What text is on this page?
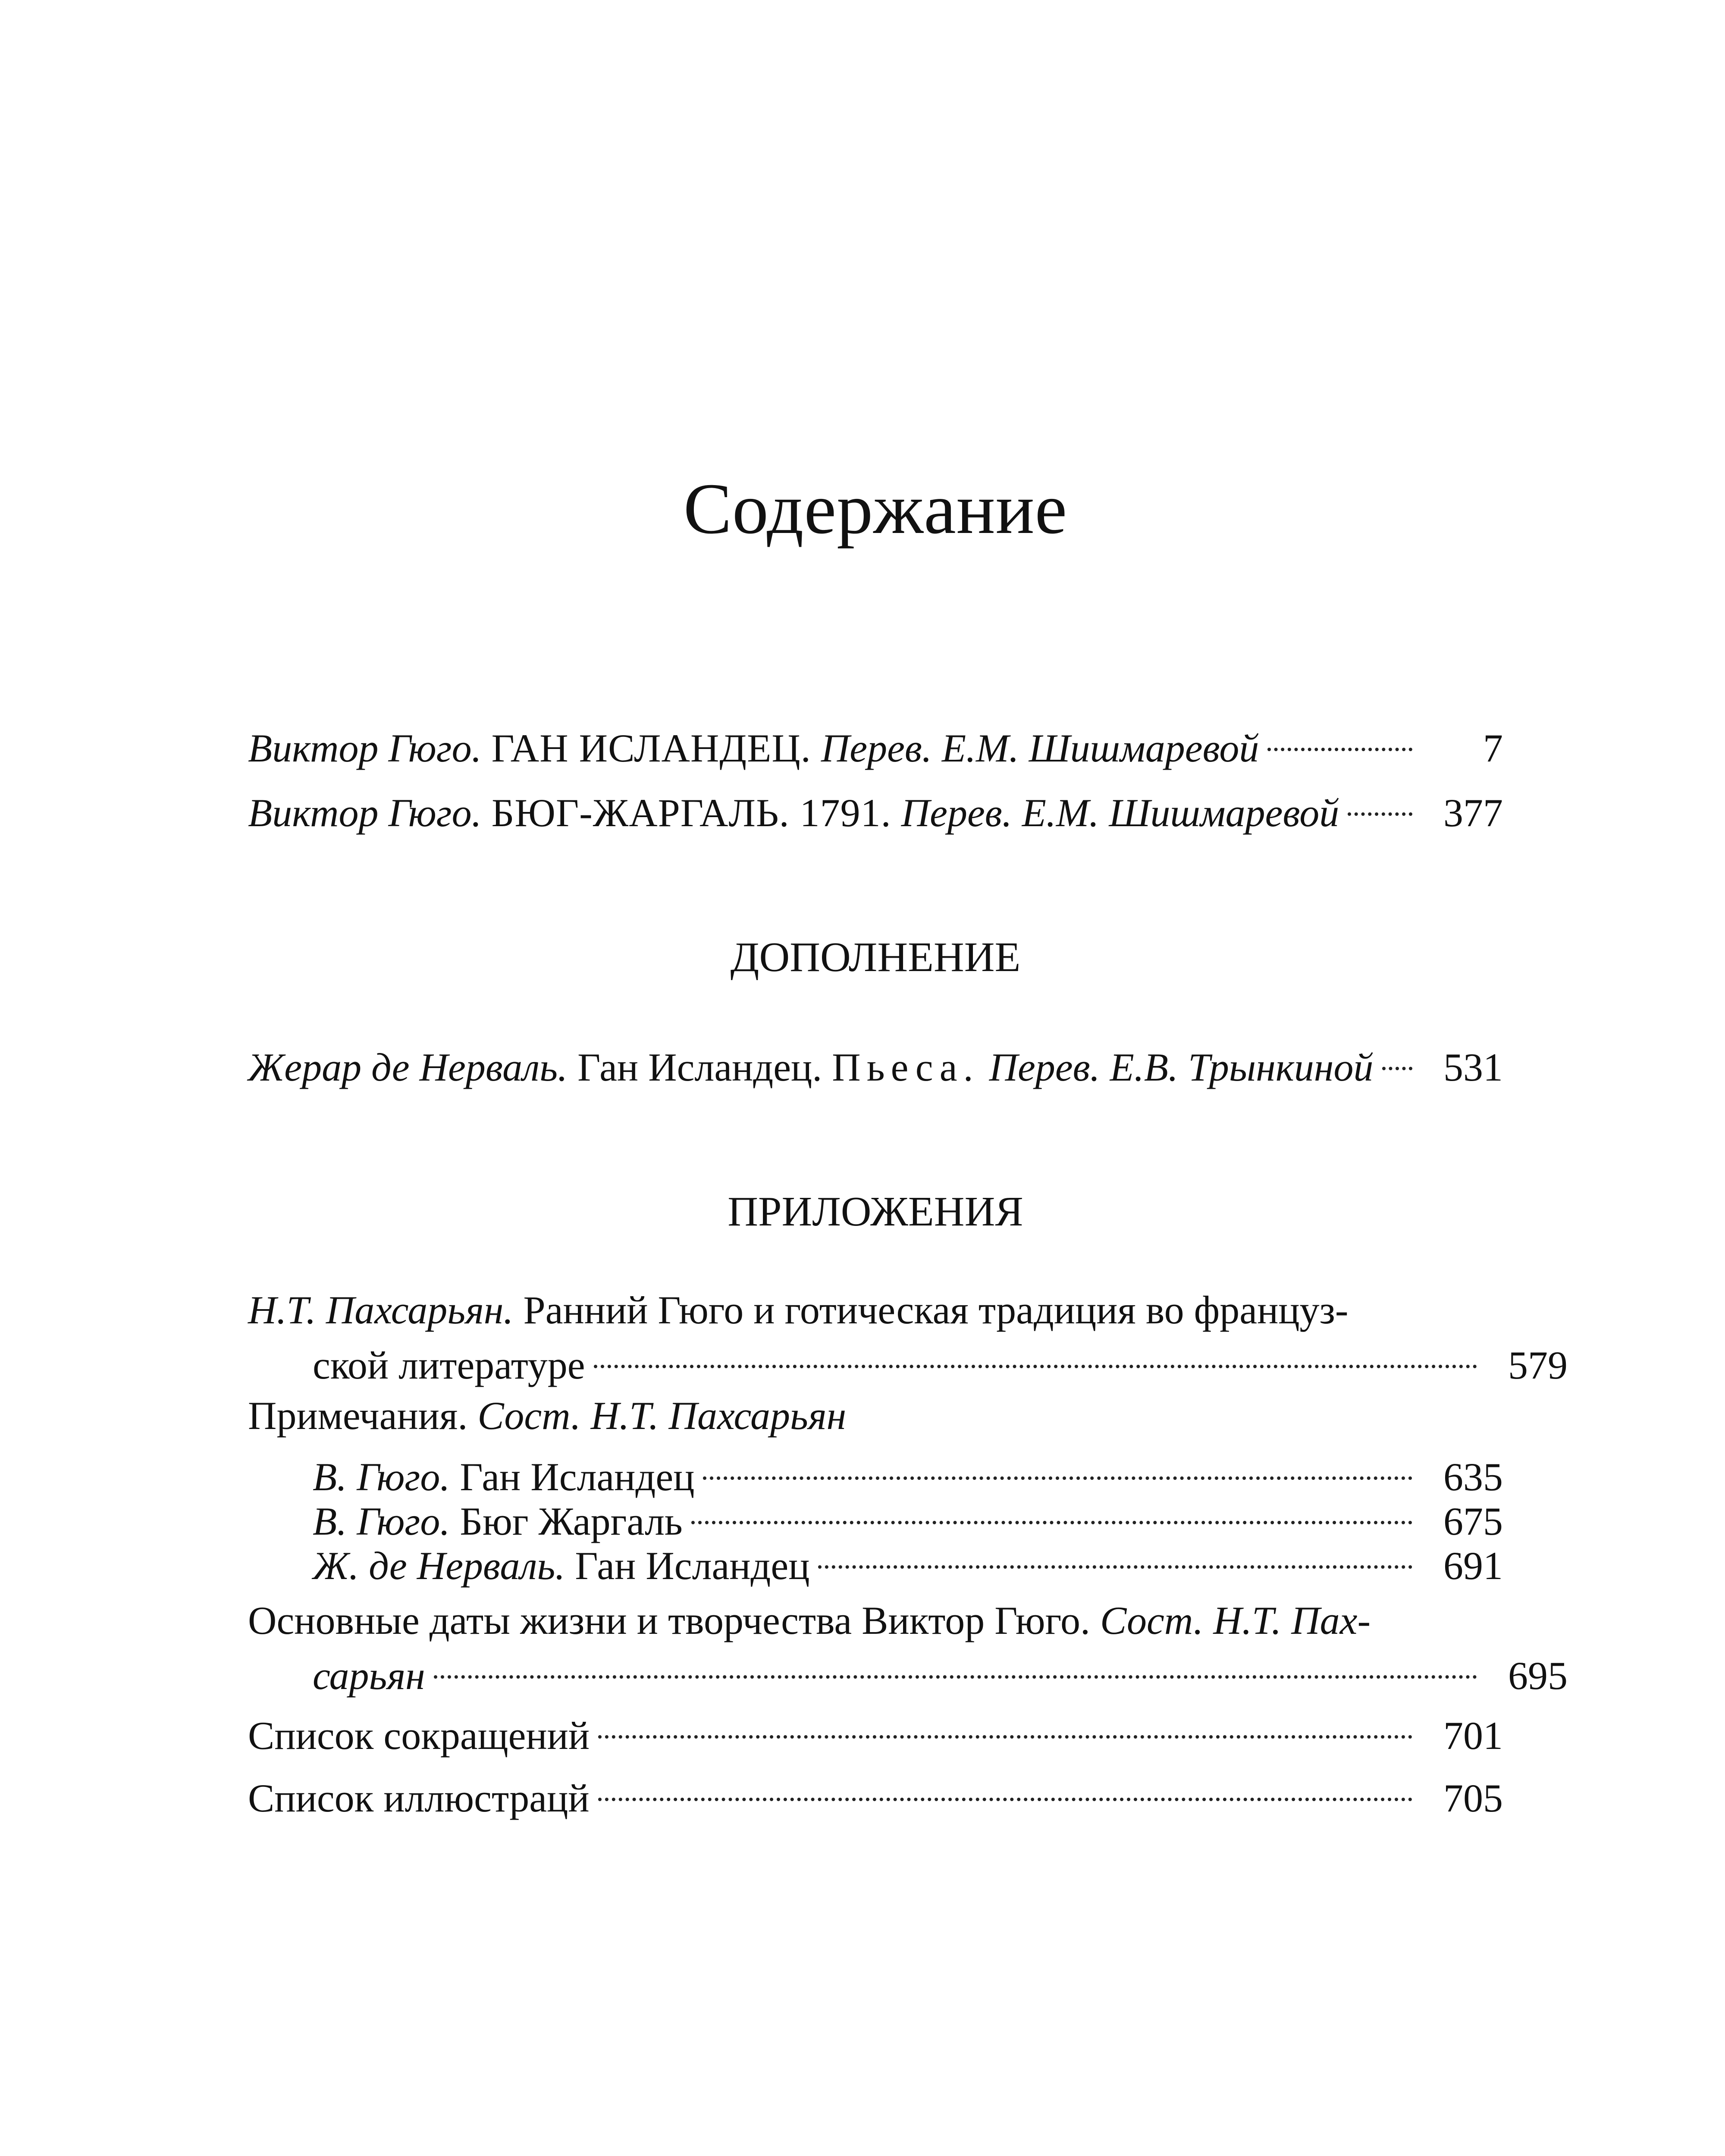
Содержание
Виктор Гюго. ГАН ИСЛАНДЕЦ. Перев. Е.М. Шишмаревой	7
Виктор Гюго. БЮГ-ЖАРГАЛЬ. 1791. Перев. Е.М. Шишмаревой	377
ДОПОЛНЕНИЕ
Жерар де Нерваль. Ган Исландец. Пьеса. Перев. Е.В. Трынкиной	531
ПРИЛОЖЕНИЯ
Н.Т. Пахсарьян. Ранний Гюго и готическая традиция во француз-
ской литературе	579
Примечания. Сост. Н.Т. Пахсарьян
В. Гюго. Ган Исландец	635
В. Гюго. Бюг Жаргаль	675
Ж. де Нерваль. Ган Исландец	691
Основные даты жизни и творчества Виктор Гюго. Сост. Н.Т. Пах-
сарьян	695
Список сокращений	701
Список иллюстрацй	705
